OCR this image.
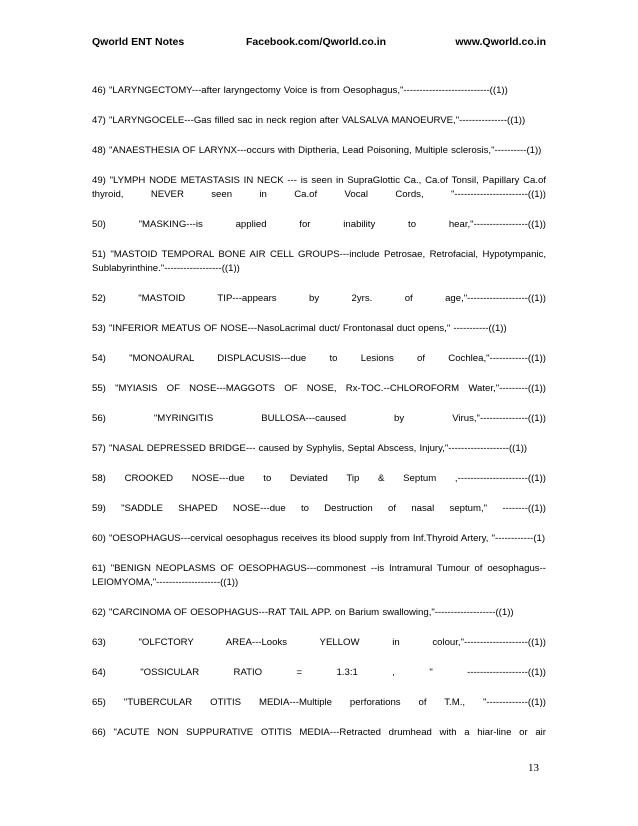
Qworld ENT Notes	Facebook.com/Qworld.co.in	www.Qworld.co.in

46) "LARYNGECTOMY---after laryngectomy Voice is from Oesophagus,"---------------------------((1))

47) "LARYNGOCELE---Gas filled sac in neck region after VALSALVA MANOEURVE,"---------------((1))

48) "ANAESTHESIA OF LARYNX---occurs with Diptheria, Lead Poisoning, Multiple sclerosis,"----------(1))

49) "LYMPH NODE METASTASIS IN NECK --- is seen in SupraGlottic Ca., Ca.of Tonsil, Papillary Ca.of thyroid, NEVER seen in Ca.of Vocal Cords, "-----------------------((1))

50) "MASKING---is applied for inability to hear,"-----------------((1))

51) "MASTOID TEMPORAL BONE AIR CELL GROUPS---include Petrosae, Retrofacial, Hypotympanic, Sublabyrinthine."------------------((1))

52) "MASTOID TIP---appears by 2yrs. of age,"-------------------((1))

53) "INFERIOR MEATUS OF NOSE---NasoLacrimal duct/ Frontonasal duct opens," -----------((1))

54) "MONOAURAL DISPLACUSIS---due to Lesions of Cochlea,"------------((1))

55) "MYIASIS OF NOSE---MAGGOTS OF NOSE, Rx-TOC.--CHLOROFORM Water,"---------((1))

56) "MYRINGITIS BULLOSA---caused by Virus,"---------------((1))

57) "NASAL DEPRESSED BRIDGE--- caused by Syphylis, Septal Abscess, Injury,"-------------------((1))

58) CROOKED NOSE---due to Deviated Tip & Septum ,----------------------((1))

59) "SADDLE SHAPED NOSE---due to Destruction of nasal septum," --------((1))

60) "OESOPHAGUS---cervical oesophagus receives its blood supply from Inf.Thyroid Artery, "------------(1)

61) "BENIGN NEOPLASMS OF OESOPHAGUS---commonest --is Intramural Tumour of oesophagus--LEIOMYOMA,"--------------------((1))

62) "CARCINOMA OF OESOPHAGUS---RAT TAIL APP. on Barium swallowing,"-------------------((1))

63) "OLFCTORY AREA---Looks YELLOW in colour,"--------------------((1))

64) "OSSICULAR RATIO = 1.3:1 , " -------------------((1))

65) "TUBERCULAR OTITIS MEDIA---Multiple perforations of T.M., "-------------((1))

66) "ACUTE NON SUPPURATIVE OTITIS MEDIA---Retracted drumhead with a hiar-line or air

13
